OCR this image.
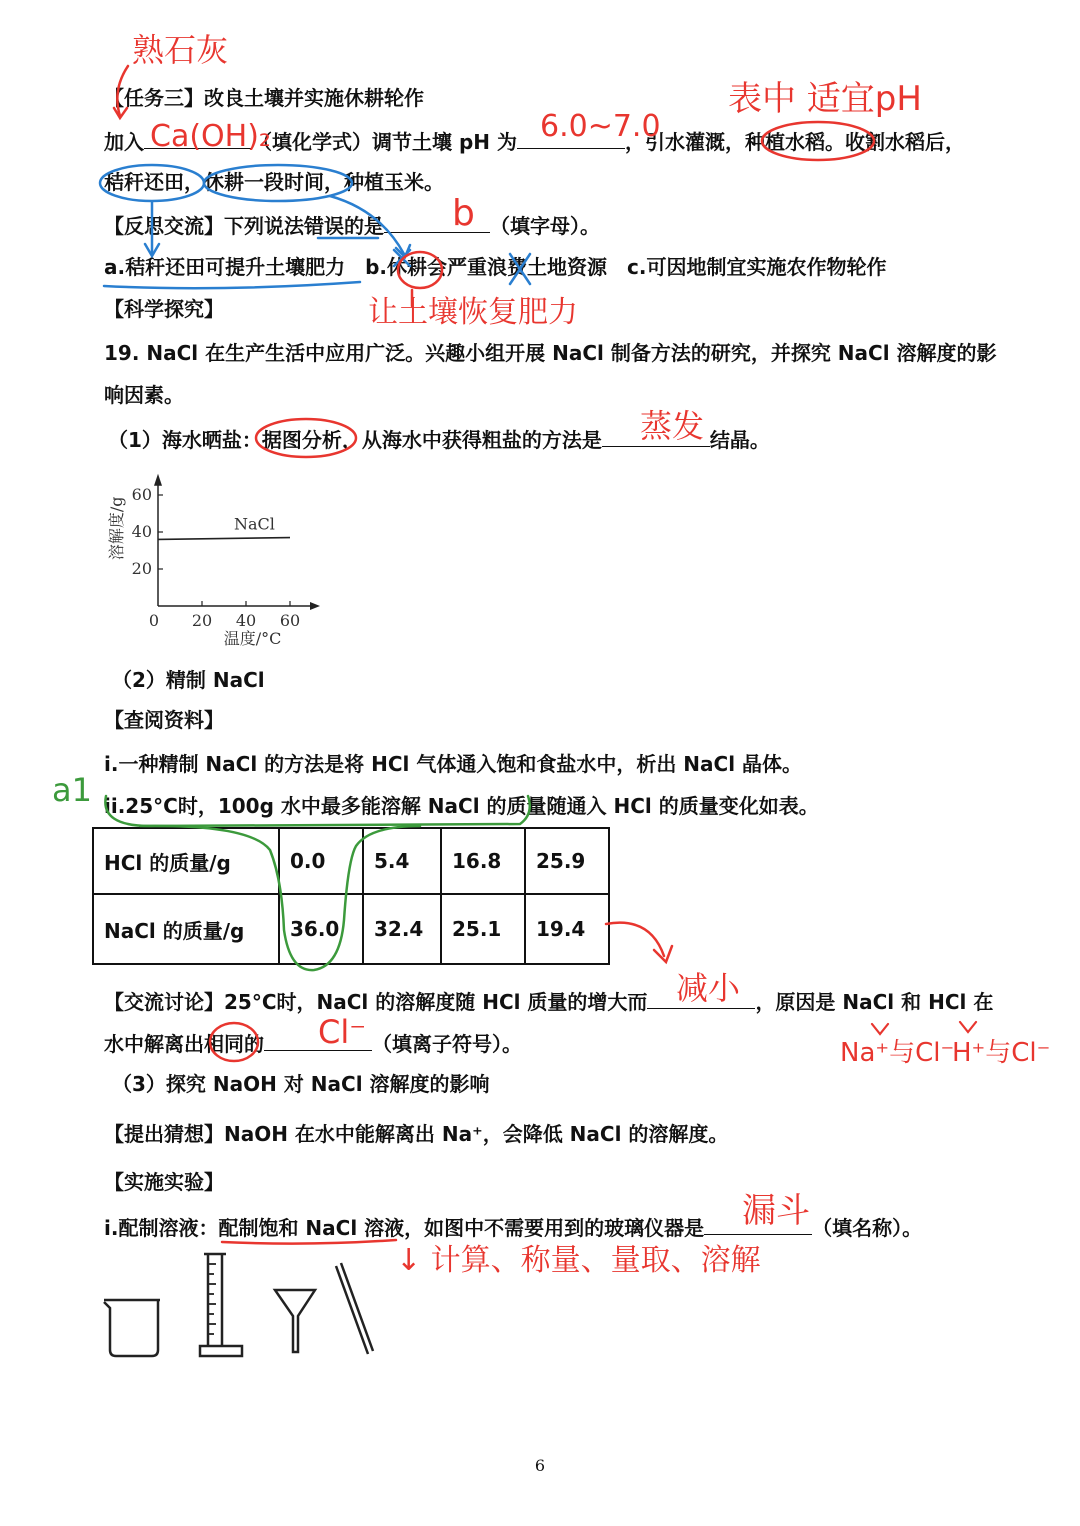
【任务三】改良土壤并实施休耕轮作
加入	（填化学式）调节土壤 pH 为	，引水灌溉，种植水稻。收割水稻后，
秸秆还田，休耕一段时间，种植玉米。
【反思交流】下列说法错误的是	（填字母）。
a.秸秆还田可提升土壤肥力　b.休耕会严重浪费土地资源　c.可因地制宜实施农作物轮作
【科学探究】
19. NaCl 在生产生活中应用广泛。兴趣小组开展 NaCl 制备方法的研究，并探究 NaCl 溶解度的影
响因素。
（1）海水晒盐：据图分析，从海水中获得粗盐的方法是	结晶。
0 20 40 60
20
40
60
溶解度/g
温度/°C
NaCl
（2）精制 NaCl
【查阅资料】
i.一种精制 NaCl 的方法是将 HCl 气体通入饱和食盐水中，析出 NaCl 晶体。
ii.25°C时，100g 水中最多能溶解 NaCl 的质量随通入 HCl 的质量变化如表。
HCl 的质量/g	0.0	5.4	16.8	25.9
NaCl 的质量/g	36.0	32.4	25.1	19.4
【交流讨论】25°C时，NaCl 的溶解度随 HCl 质量的增大而	，原因是 NaCl 和 HCl 在
水中解离出相同的	（填离子符号）。
（3）探究 NaOH 对 NaCl 溶解度的影响
【提出猜想】NaOH 在水中能解离出 Na⁺，会降低 NaCl 的溶解度。
【实施实验】
i.配制溶液：配制饱和 NaCl 溶液，如图中不需要用到的玻璃仪器是	（填名称）。
熟石灰
Ca(OH)₂	6.0~7.0
表中 适宜pH
b
让土壤恢复肥力
蒸发
a1
减小
Cl⁻
Na⁺与Cl⁻
H⁺与Cl⁻
漏斗
↓ 计算、称量、量取、溶解
6
